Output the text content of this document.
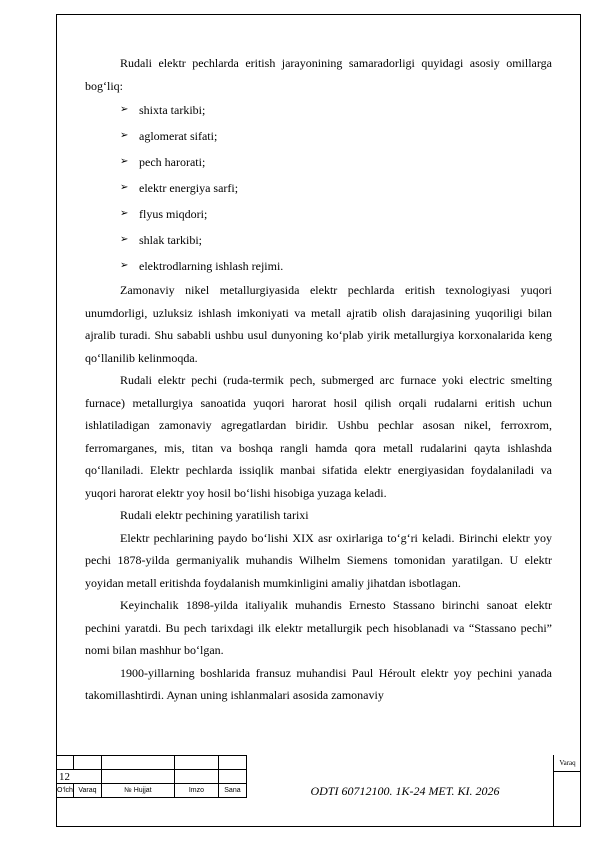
Rudali elektr pechlarda eritish jarayonining samaradorligi quyidagi asosiy omillarga bog‘liq:

➢ shixta tarkibi;
➢ aglomerat sifati;
➢ pech harorati;
➢ elektr energiya sarfi;
➢ flyus miqdori;
➢ shlak tarkibi;
➢ elektrodlarning ishlash rejimi.

Zamonaviy nikel metallurgiyasida elektr pechlarda eritish texnologiyasi yuqori unumdorligi, uzluksiz ishlash imkoniyati va metall ajratib olish darajasining yuqoriligi bilan ajralib turadi. Shu sababli ushbu usul dunyoning ko‘plab yirik metallurgiya korxonalarida keng qo‘llanilib kelinmoqda.

Rudali elektr pechi (ruda-termik pech, submerged arc furnace yoki electric smelting furnace) metallurgiya sanoatida yuqori harorat hosil qilish orqali rudalarni eritish uchun ishlatiladigan zamonaviy agregatlardan biridir. Ushbu pechlar asosan nikel, ferroxrom, ferromarganes, mis, titan va boshqa rangli hamda qora metall rudalarini qayta ishlashda qo‘llaniladi. Elektr pechlarda issiqlik manbai sifatida elektr energiyasidan foydalaniladi va yuqori harorat elektr yoy hosil bo‘lishi hisobiga yuzaga keladi.

Rudali elektr pechining yaratilish tarixi

Elektr pechlarining paydo bo‘lishi XIX asr oxirlariga to‘g‘ri keladi. Birinchi elektr yoy pechi 1878-yilda germaniyalik muhandis Wilhelm Siemens tomonidan yaratilgan. U elektr yoyidan metall eritishda foydalanish mumkinligini amaliy jihatdan isbotlagan.

Keyinchalik 1898-yilda italiyalik muhandis Ernesto Stassano birinchi sanoat elektr pechini yaratdi. Bu pech tarixdagi ilk elektr metallurgik pech hisoblanadi va “Stassano pechi” nomi bilan mashhur bo‘lgan.

1900-yillarning boshlarida fransuz muhandisi Paul Héroult elektr yoy pechini yanada takomillashtirdi. Aynan uning ishlanmalari asosida zamonaviy

12				
O‘lch	Varaq	№ Hujjat	Imzo	Sana	ODTI 60712100. 1K-24 MET. KI. 2026
Varaq
